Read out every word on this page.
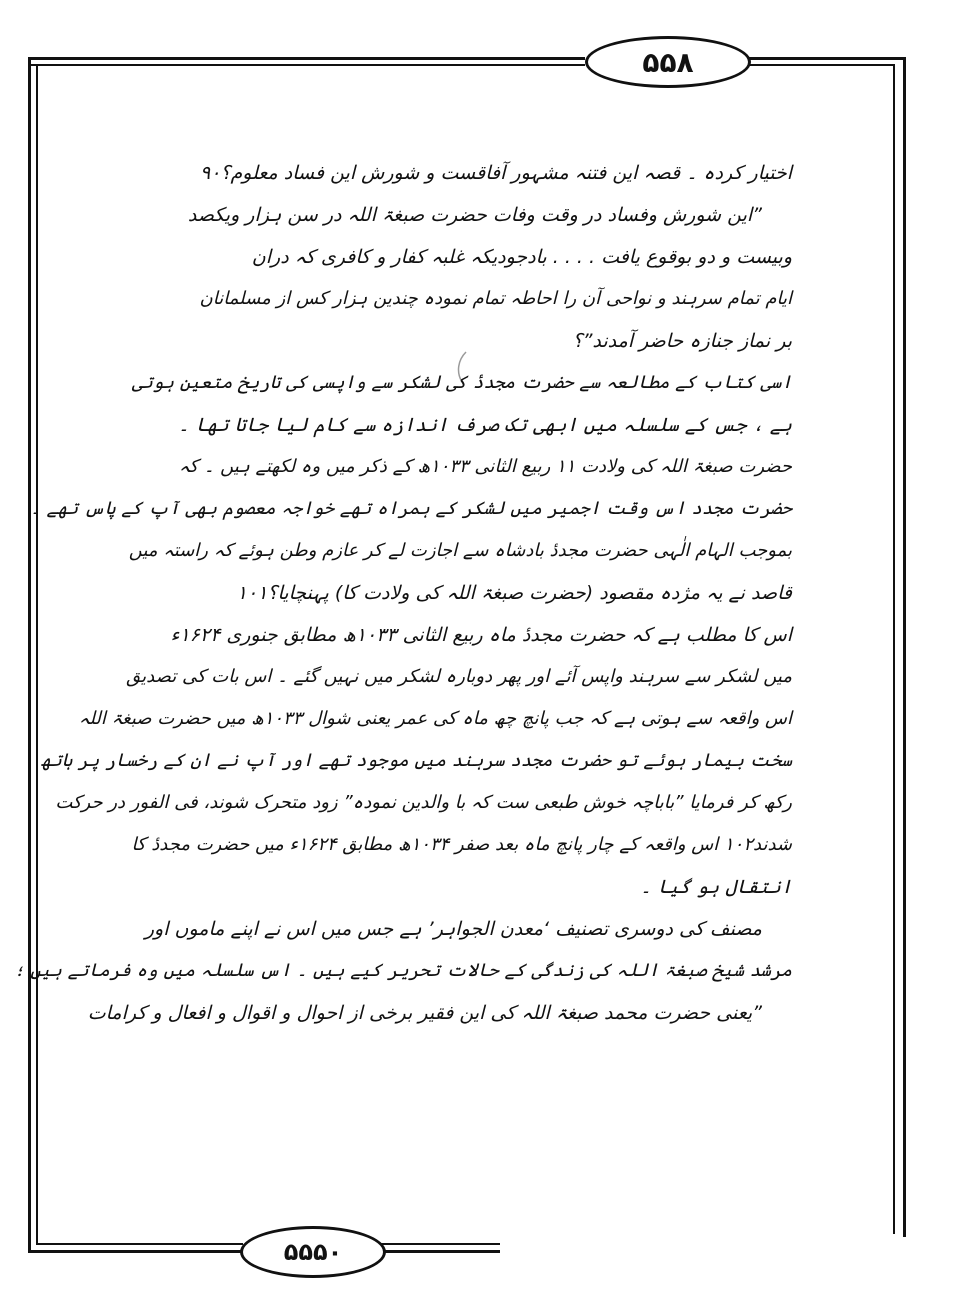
۵۵۸
۵۵۵۰
اختیار کردہ ۔ قصہ این فتنہ مشہور آفاقست و شورش این فساد معلوم؟‏۹۰
”این شورش وفساد در وقت وفات حضرت صبغۃ اللہ در سن ہزار ویکصد
وبیست و دو بوقوع یافت . . . . بادجودیکہ غلبہ کفار و کافری کہ دران
ایام تمام سرہند و نواحی آن را احاطہ تمام نمودہ چندین ہزار کس از مسلمانان
بر نماز جنازہ حاضر آمدند”؟
اسی کتاب کے مطالعہ سے حضرت مجددٔ کی لشکر سے واپسی کی تاریخ متعین ہوتی
ہے ، جس کے سلسلہ میں ابھی تک صرف اندازہ سے کام لیا جاتا تھا ۔
حضرت صبغۃ اللہ کی ولادت ۱۱ ربیع الثانی ۱۰۳۳ھ کے ذکر میں وہ لکھتے ہیں ۔ کہ
حضرت مجدد اس وقت اجمیر میں لشکر کے ہمراہ تھے خواجہ معصوم بھی آپ کے پاس تھے ۔
بموجب الہام الٰہی حضرت مجددٔ بادشاہ سے اجازت لے کر عازم وطن ہوئے کہ راستہ میں
قاصد نے یہ مژدہ مقصود (حضرت صبغۃ اللہ کی ولادت کا) پہنچایا؟۱۰۱
اس کا مطلب ہے کہ حضرت مجددٔ ماہ ربیع الثانی ۱۰۳۳ھ مطابق جنوری ۱۶۲۴ء
میں لشکر سے سرہند واپس آئے اور پھر دوبارہ لشکر میں نہیں گئے ۔ اس بات کی تصدیق
اس واقعہ سے ہوتی ہے کہ جب پانچ چھ ماہ کی عمر یعنی شوال ۱۰۳۳ھ میں حضرت صبغۃ اللہ
سخت بیمار ہوئے تو حضرت مجدد سرہند میں موجود تھے اور آپ نے ان کے رخسار پر ہاتھ
رکھ کر فرمایا ”باباچہ خوش طبعی ست کہ با والدین نمودہ” زود متحرک شوند، فی الفور در حرکت
شدند‏۱۰۲ اس واقعہ کے چار پانچ ماہ بعد صفر ۱۰۳۴ھ مطابق ۱۶۲۴ء میں حضرت مجددٔ کا
انتقال ہو گیا ۔
مصنف کی دوسری تصنیف ‘معدن الجواہر’ ہے جس میں اس نے اپنے ماموں اور
مرشد شیخ صبغۃ اللہ کی زندگی کے حالات تحریر کیے ہیں ۔ اس سلسلہ میں وہ فرماتے ہیں ؛
”یعنی حضرت محمد صبغۃ اللہ کی این فقیر برخی از احوال و اقوال و افعال و کرامات
